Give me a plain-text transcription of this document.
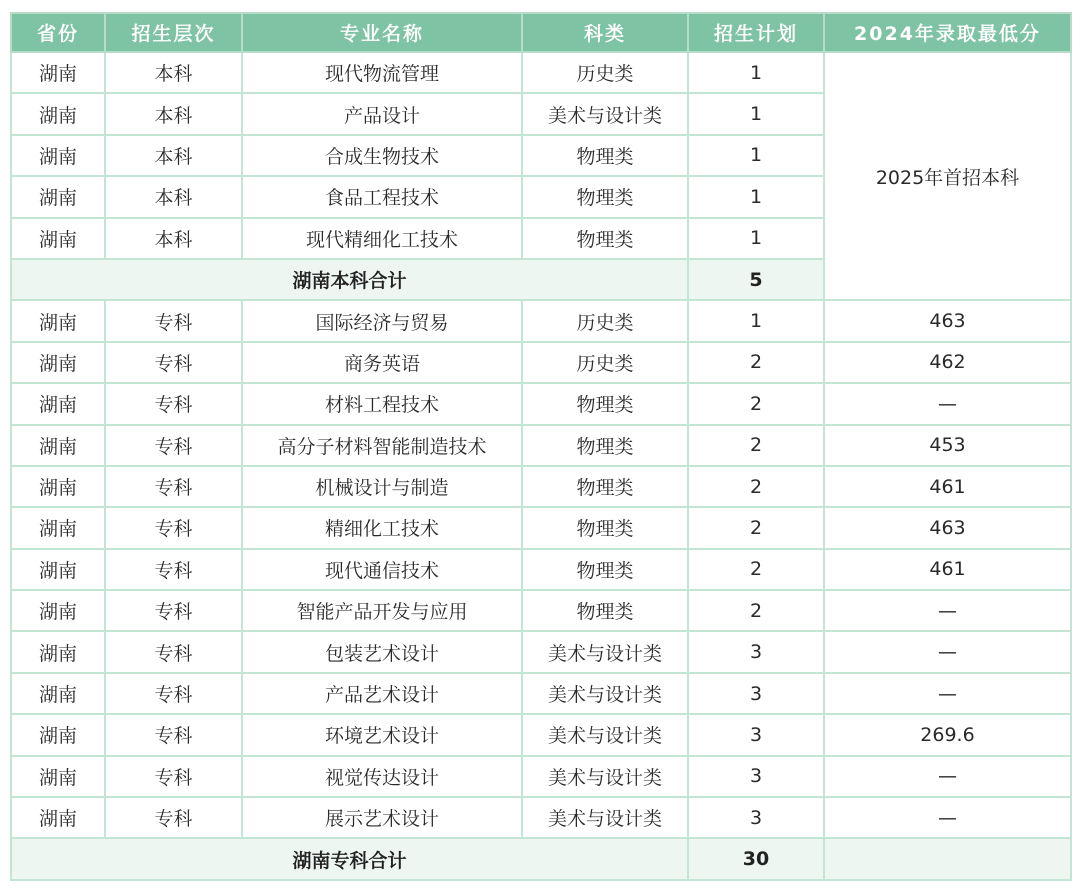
省份	招生层次	专业名称	科类	招生计划	2024年录取最低分
湖南	本科	现代物流管理	历史类	1	2025年首招本科
湖南	本科	产品设计	美术与设计类	1	
湖南	本科	合成生物技术	物理类	1	
湖南	本科	食品工程技术	物理类	1	
湖南	本科	现代精细化工技术	物理类	1	
湖南本科合计				5	
湖南	专科	国际经济与贸易	历史类	1	463
湖南	专科	商务英语	历史类	2	462
湖南	专科	材料工程技术	物理类	2	—
湖南	专科	高分子材料智能制造技术	物理类	2	453
湖南	专科	机械设计与制造	物理类	2	461
湖南	专科	精细化工技术	物理类	2	463
湖南	专科	现代通信技术	物理类	2	461
湖南	专科	智能产品开发与应用	物理类	2	—
湖南	专科	包装艺术设计	美术与设计类	3	—
湖南	专科	产品艺术设计	美术与设计类	3	—
湖南	专科	环境艺术设计	美术与设计类	3	269.6
湖南	专科	视觉传达设计	美术与设计类	3	—
湖南	专科	展示艺术设计	美术与设计类	3	—
湖南专科合计				30	
